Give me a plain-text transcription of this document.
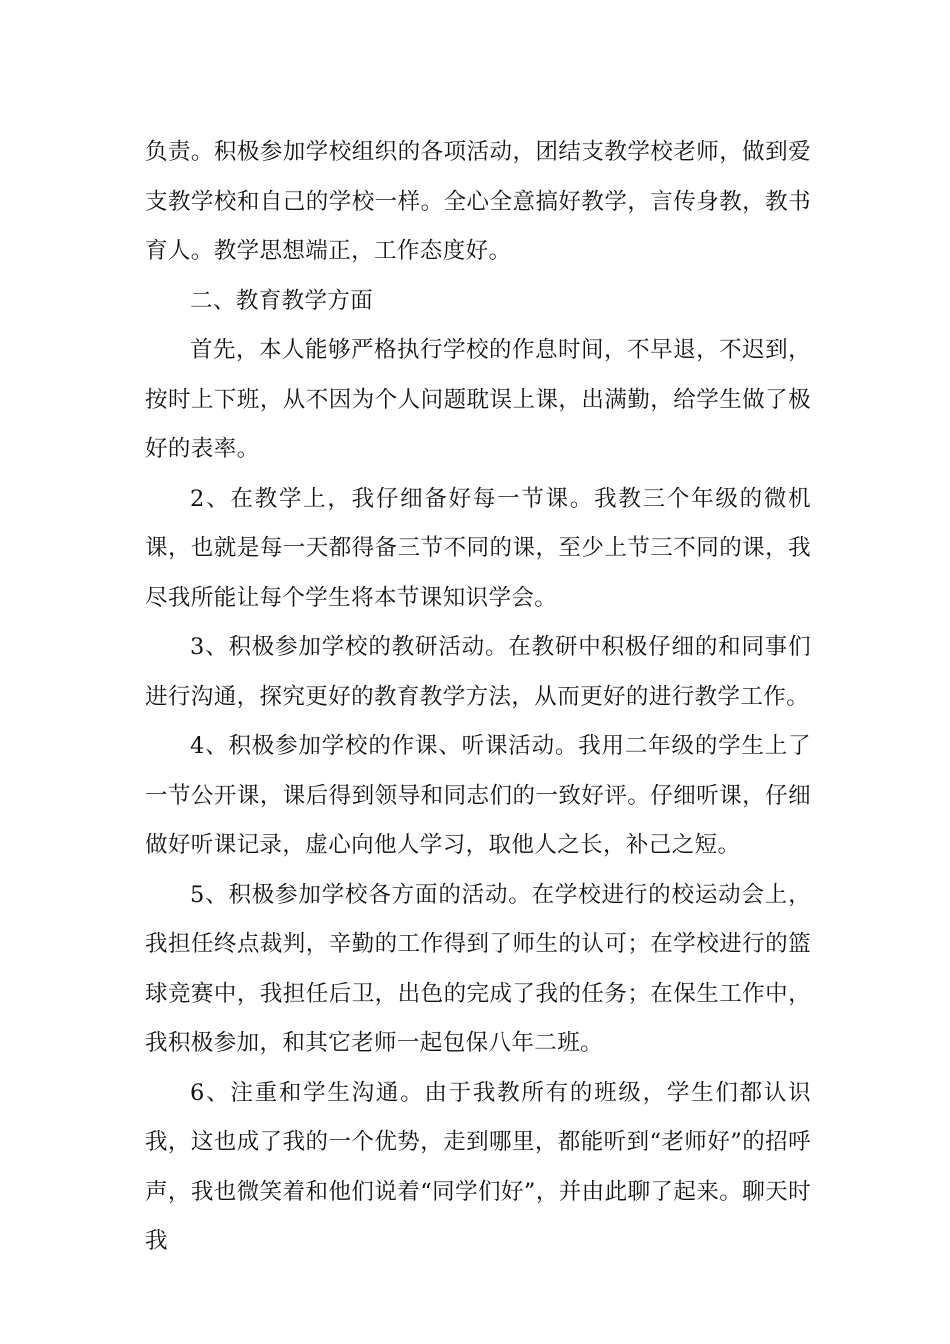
负责。积极参加学校组织的各项活动，团结支教学校老师，做到爱支教学校和自己的学校一样。全心全意搞好教学，言传身教，教书育人。教学思想端正，工作态度好。

二、教育教学方面

首先，本人能够严格执行学校的作息时间，不早退，不迟到，按时上下班，从不因为个人问题耽误上课，出满勤，给学生做了极好的表率。

2、在教学上，我仔细备好每一节课。我教三个年级的微机课，也就是每一天都得备三节不同的课，至少上节三不同的课，我尽我所能让每个学生将本节课知识学会。

3、积极参加学校的教研活动。在教研中积极仔细的和同事们进行沟通，探究更好的教育教学方法，从而更好的进行教学工作。

4、积极参加学校的作课、听课活动。我用二年级的学生上了一节公开课，课后得到领导和同志们的一致好评。仔细听课，仔细做好听课记录，虚心向他人学习，取他人之长，补己之短。

5、积极参加学校各方面的活动。在学校进行的校运动会上，我担任终点裁判，辛勤的工作得到了师生的认可；在学校进行的篮球竞赛中，我担任后卫，出色的完成了我的任务；在保生工作中，我积极参加，和其它老师一起包保八年二班。

6、注重和学生沟通。由于我教所有的班级，学生们都认识我，这也成了我的一个优势，走到哪里，都能听到“老师好”的招呼声，我也微笑着和他们说着“同学们好”，并由此聊了起来。聊天时我
